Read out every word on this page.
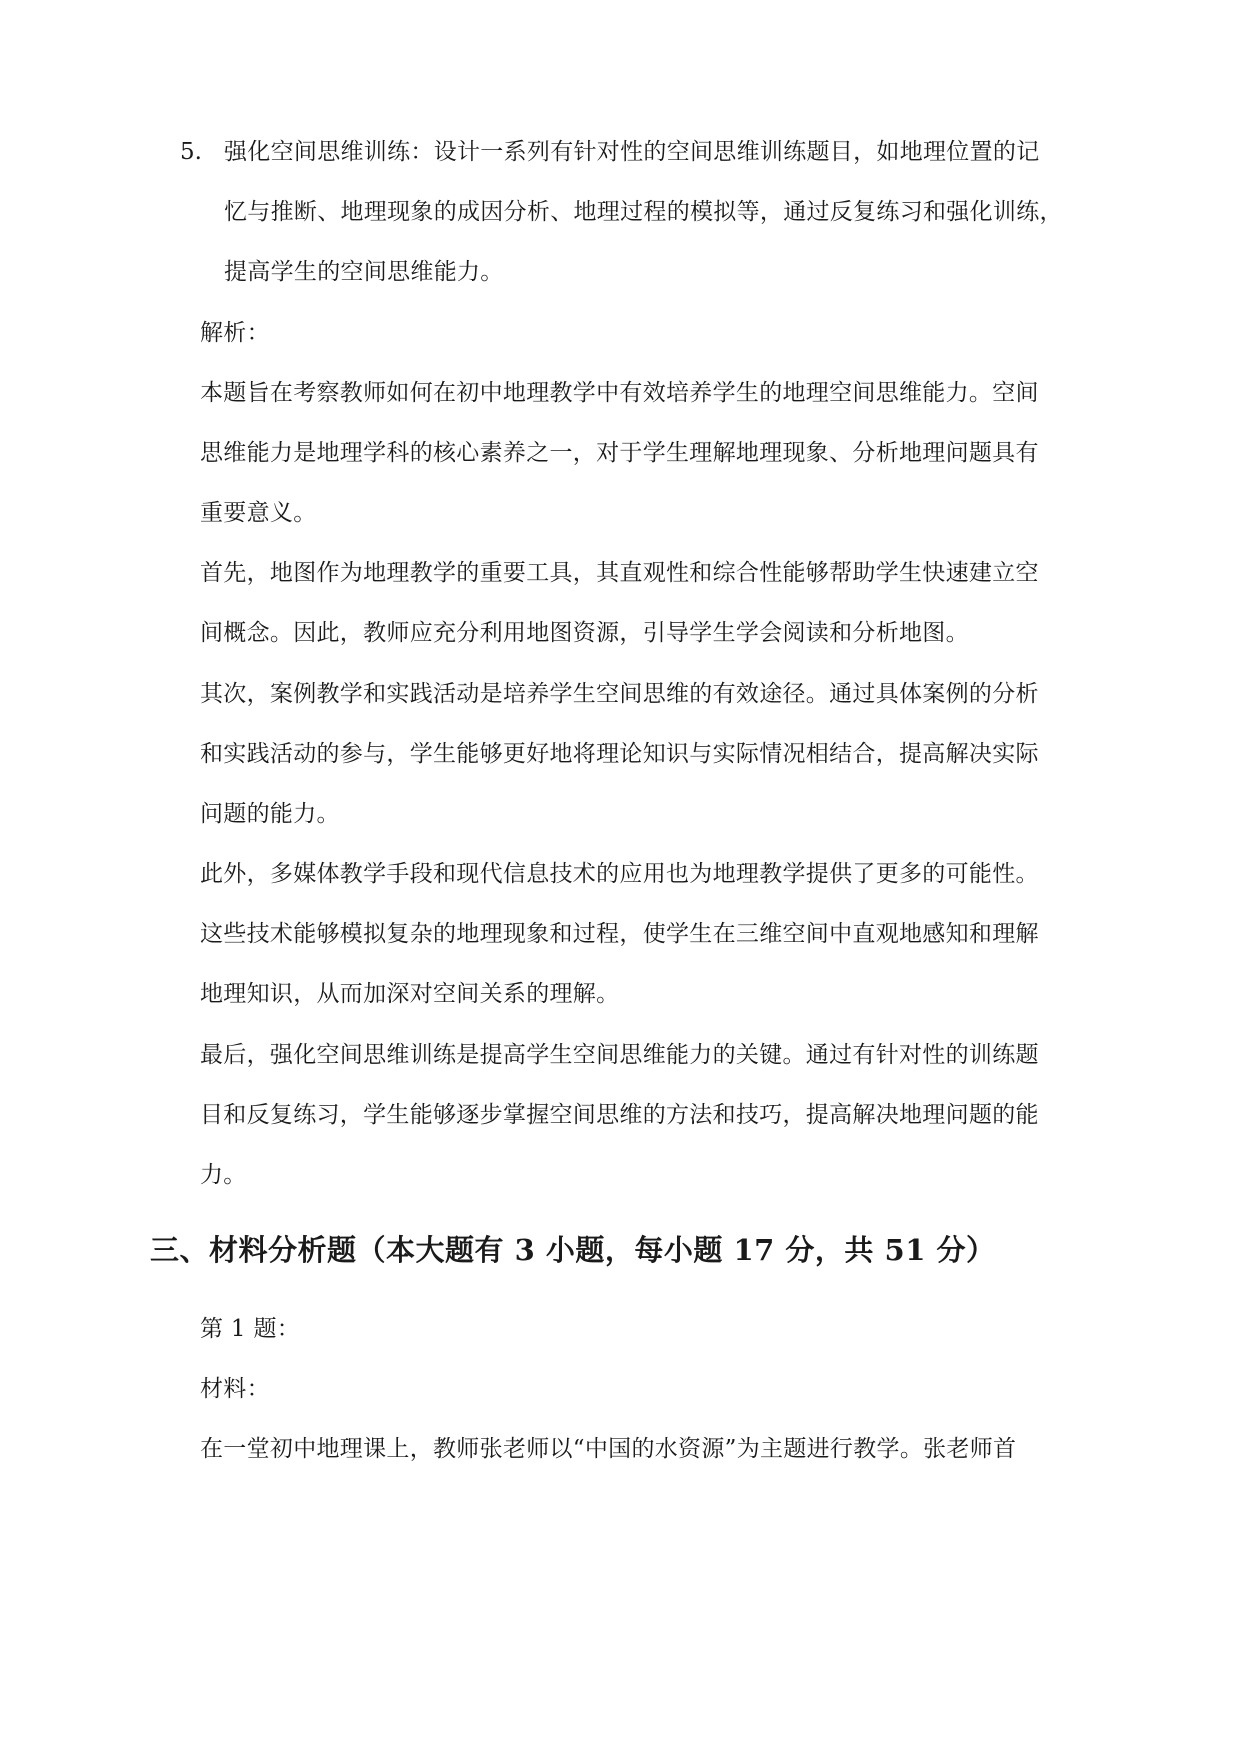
5. 强化空间思维训练：设计一系列有针对性的空间思维训练题目，如地理位置的记
忆与推断、地理现象的成因分析、地理过程的模拟等，通过反复练习和强化训练，
提高学生的空间思维能力。
解析：
本题旨在考察教师如何在初中地理教学中有效培养学生的地理空间思维能力。空间
思维能力是地理学科的核心素养之一，对于学生理解地理现象、分析地理问题具有
重要意义。
首先，地图作为地理教学的重要工具，其直观性和综合性能够帮助学生快速建立空
间概念。因此，教师应充分利用地图资源，引导学生学会阅读和分析地图。
其次，案例教学和实践活动是培养学生空间思维的有效途径。通过具体案例的分析
和实践活动的参与，学生能够更好地将理论知识与实际情况相结合，提高解决实际
问题的能力。
此外，多媒体教学手段和现代信息技术的应用也为地理教学提供了更多的可能性。
这些技术能够模拟复杂的地理现象和过程，使学生在三维空间中直观地感知和理解
地理知识，从而加深对空间关系的理解。
最后，强化空间思维训练是提高学生空间思维能力的关键。通过有针对性的训练题
目和反复练习，学生能够逐步掌握空间思维的方法和技巧，提高解决地理问题的能
力。
三、材料分析题（本大题有 3 小题，每小题 17 分，共 51 分）
第 1 题：
材料：
在一堂初中地理课上，教师张老师以“中国的水资源”为主题进行教学。张老师首
